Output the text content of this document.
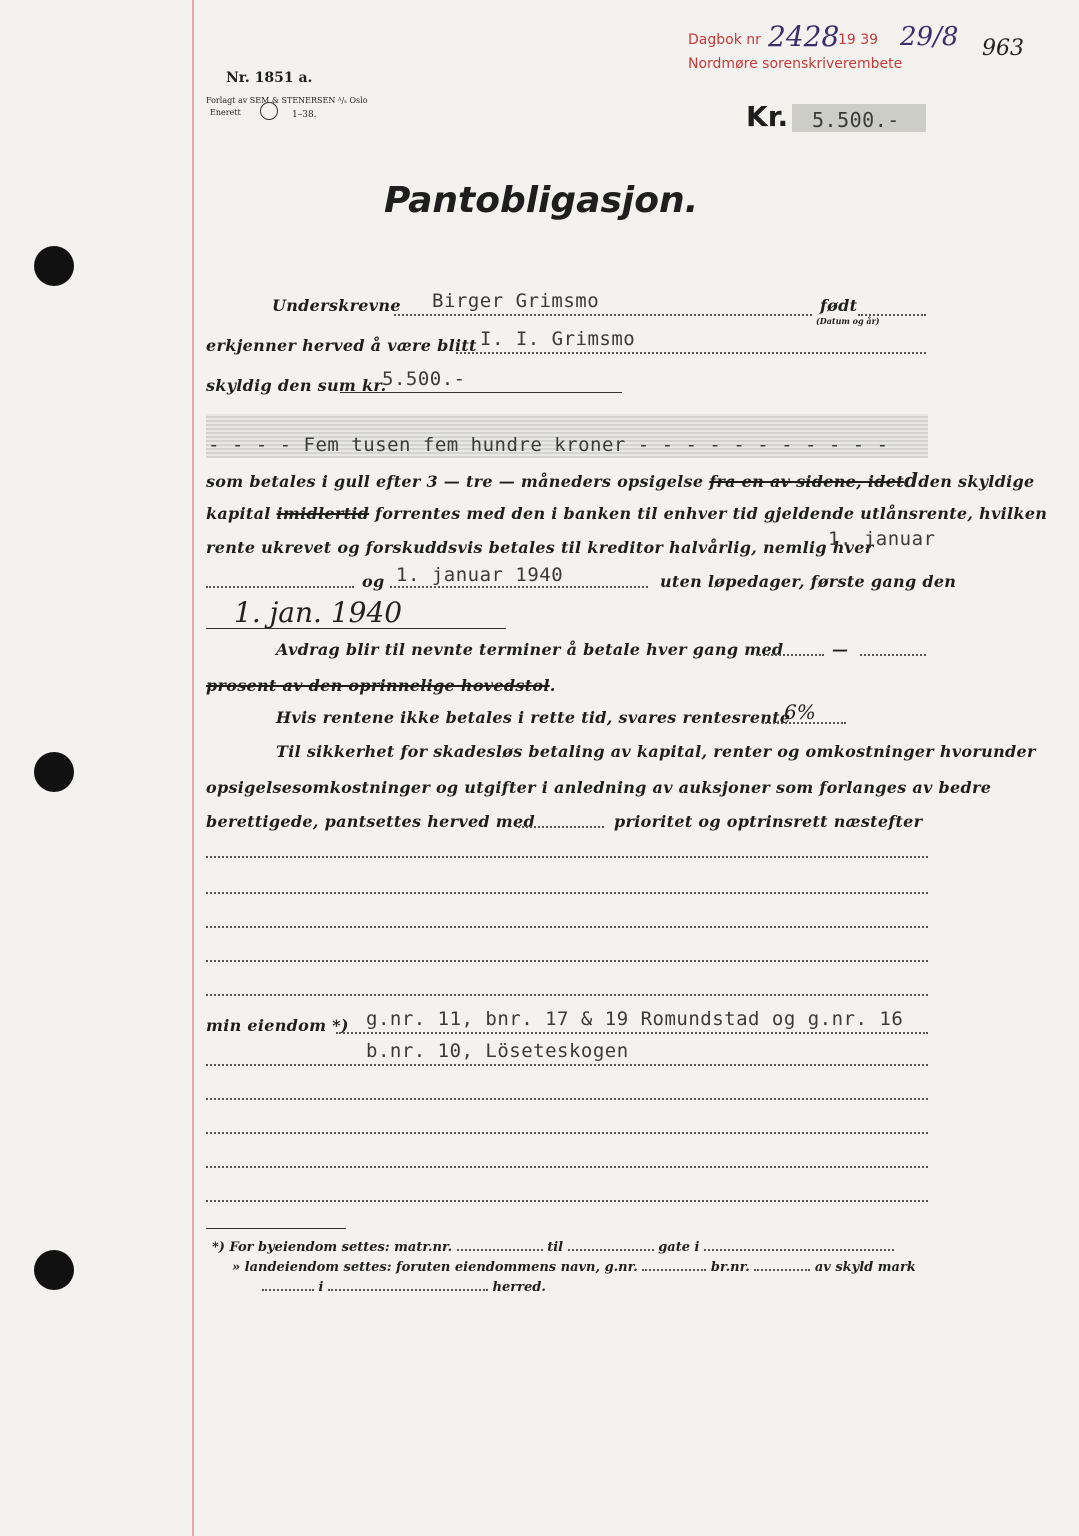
Nr. 1851 a.
Forlagt av SEM & STENERSEN ᴬ/ₛ Oslo
Enerett	1–38.
Dagbok nr 2428
19 39 29/8
Nordmøre sorenskriverembete
963
Kr. 5.500.-
Pantobligasjon.
Underskrevne Birger Grimsmo	født
(Datum og år)
erkjenner herved å være blitt I. I. Grimsmo
skyldig den sum kr.
5.500.-
- - - - Fem tusen fem hundre kroner - - - - - - - - - - -
som betales i gull efter 3 — tre — måneders opsigelse fra en av sidene, idetdden skyldige
kapital imidlertid forrentes med den i banken til enhver tid gjeldende utlånsrente, hvilken
rente ukrevet og forskuddsvis betales til kreditor halvårlig, nemlig hver
1. januar
og 1. januar 1940	uten løpedager, første gang den
1. jan. 1940
Avdrag blir til nevnte terminer å betale hver gang med	—
prosent av den oprinnelige hovedstol.
Hvis rentene ikke betales i rette tid, svares rentesrente
6%
Til sikkerhet for skadesløs betaling av kapital, renter og omkostninger hvorunder
opsigelsesomkostninger og utgifter i anledning av auksjoner som forlanges av bedre
berettigede, pantsettes herved med	prioritet og optrinsrett næstefter
min eiendom *) g.nr. 11, bnr. 17 & 19 Romundstad og g.nr. 16
b.nr. 10, Löseteskogen
*) For byeiendom settes: matr.nr.	til	gate i
» landeiendom settes: foruten eiendommens navn, g.nr.	br.nr.	av skyld mark
i	herred.
